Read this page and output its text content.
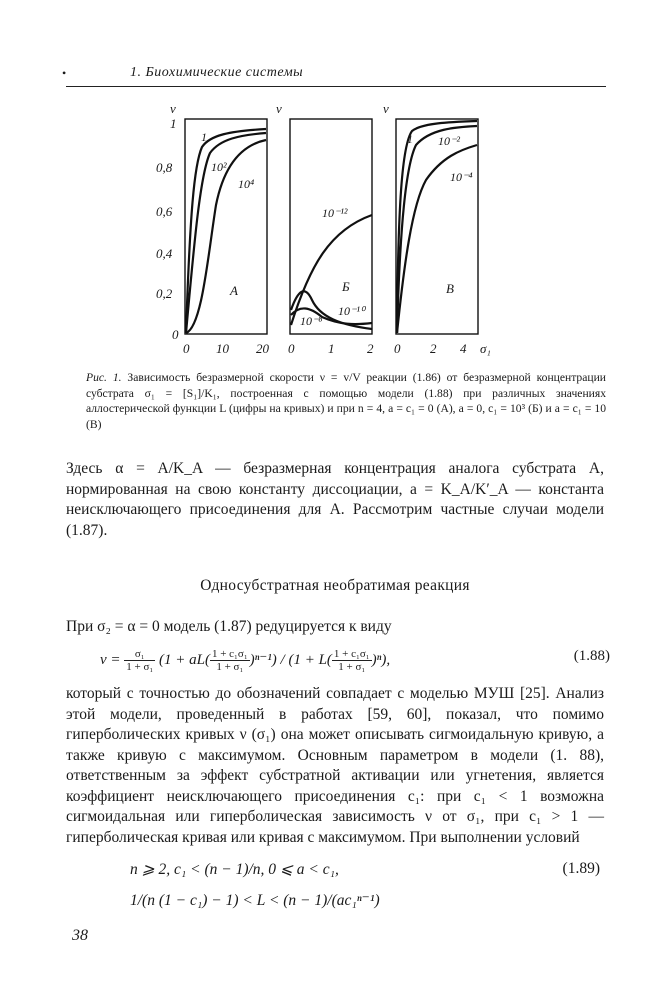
•	1. Биохимические системы
ν
1
0,8
0,6
0,4
0,2
0
1
10²
10⁴
А
0 10 20
ν
10⁻¹²
10⁻¹⁰
10⁻⁸
Б
0	1	2
ν
1 10⁻²
10⁻⁴
В
0 2 4 σ₁
Рис. 1. Зависимость безразмерной скорости ν = v/V реакции (1.86) от безразмерной концентрации субстрата σ₁ = [S₁]/K₁, построенная с помощью модели (1.88) при различных значениях аллостерической функции L (цифры на кривых) и при n = 4, a = c₁ = 0 (A), a = 0, c₁ = 10³ (Б) и a = c₁ = 10 (В)
Здесь α = A/K_A — безразмерная концентрация аналога субстрата A, нормированная на свою константу диссоциации, a = K_A/K′_A — константа неисключающего присоединения для A. Рассмотрим частные случаи модели (1.87).
Односубстратная необратимая реакция
При σ₂ = α = 0 модель (1.87) редуцируется к виду
$\nu = \frac{\text{σ₁}}{\text{1 + σ₁}} (1 + aL( \frac{\text{1 + c₁σ₁}}{\text{1 + σ₁}} )^{n-1}) / (1 + L( \frac{\text{1 + c₁σ₁}}{\text{1 + σ₁}} )^n)$,	(1.88)
который с точностью до обозначений совпадает с моделью МУШ [25]. Анализ этой модели, проведенный в работах [59, 60], показал, что помимо гиперболических кривых ν (σ₁) она может описывать сигмоидальную кривую, а также кривую с максимумом. Основным параметром в модели (1. 88), ответственным за эффект субстратной активации или угнетения, является коэффициент неисключающего присоединения c₁: при c₁ < 1 возможна сигмоидальная или гиперболическая зависимость ν от σ₁, при c₁ > 1 — гиперболическая кривая или кривая с максимумом. При выполнении условий
n ⩾ 2, c₁ < (n − 1)/n, 0 ⩽ a < c₁,	(1.89)
1/(n (1 − c₁) − 1) < L < (n − 1)/(ac₁ⁿ⁻¹)
38
